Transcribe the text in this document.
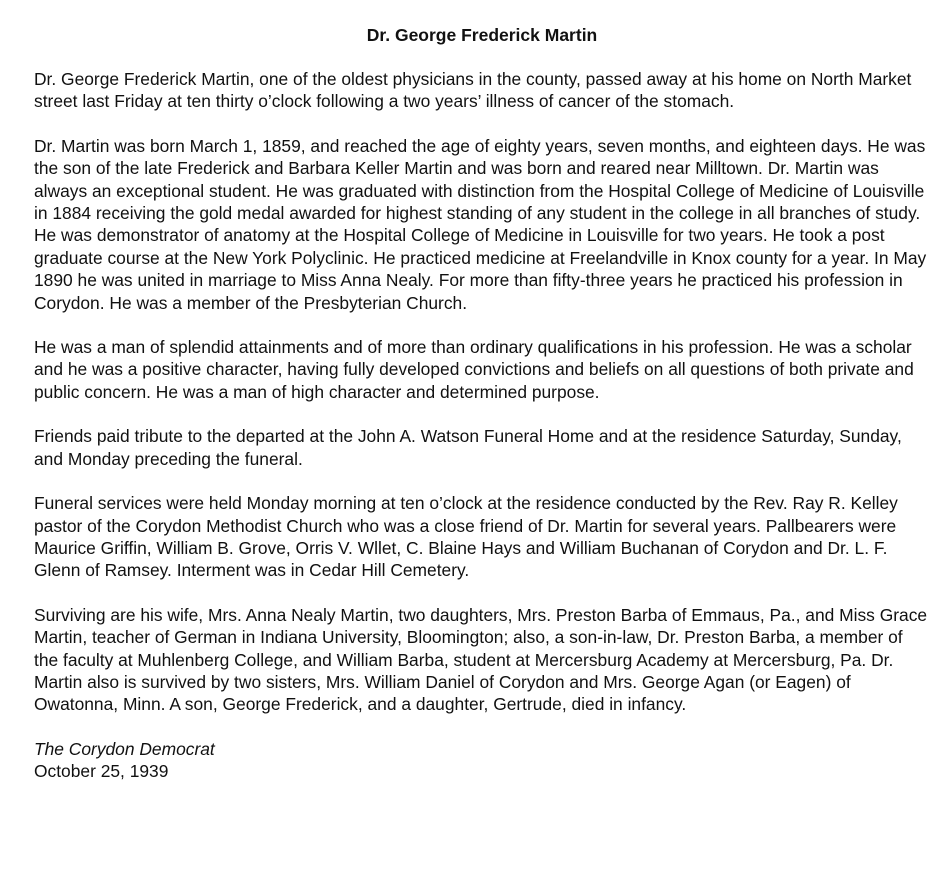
Dr. George Frederick Martin

Dr. George Frederick Martin, one of the oldest physicians in the county, passed away at his home on North Market street last Friday at ten thirty o’clock following a two years’ illness of cancer of the stomach.

Dr. Martin was born March 1, 1859, and reached the age of eighty years, seven months, and eighteen days. He was the son of the late Frederick and Barbara Keller Martin and was born and reared near Milltown. Dr. Martin was always an exceptional student. He was graduated with distinction from the Hospital College of Medicine of Louisville in 1884 receiving the gold medal awarded for highest standing of any student in the college in all branches of study. He was demonstrator of anatomy at the Hospital College of Medicine in Louisville for two years. He took a post graduate course at the New York Polyclinic. He practiced medicine at Freelandville in Knox county for a year. In May 1890 he was united in marriage to Miss Anna Nealy. For more than fifty-three years he practiced his profession in Corydon. He was a member of the Presbyterian Church.

He was a man of splendid attainments and of more than ordinary qualifications in his profession. He was a scholar and he was a positive character, having fully developed convictions and beliefs on all questions of both private and public concern. He was a man of high character and determined purpose.

Friends paid tribute to the departed at the John A. Watson Funeral Home and at the residence Saturday, Sunday, and Monday preceding the funeral.

Funeral services were held Monday morning at ten o’clock at the residence conducted by the Rev. Ray R. Kelley pastor of the Corydon Methodist Church who was a close friend of Dr. Martin for several years. Pallbearers were Maurice Griffin, William B. Grove, Orris V. Wllet, C. Blaine Hays and William Buchanan of Corydon and Dr. L. F. Glenn of Ramsey. Interment was in Cedar Hill Cemetery.

Surviving are his wife, Mrs. Anna Nealy Martin, two daughters, Mrs. Preston Barba of Emmaus, Pa., and Miss Grace Martin, teacher of German in Indiana University, Bloomington; also, a son-in-law, Dr. Preston Barba, a member of the faculty at Muhlenberg College, and William Barba, student at Mercersburg Academy at Mercersburg, Pa. Dr. Martin also is survived by two sisters, Mrs. William Daniel of Corydon and Mrs. George Agan (or Eagen) of Owatonna, Minn. A son, George Frederick, and a daughter, Gertrude, died in infancy.

The Corydon Democrat
October 25, 1939
